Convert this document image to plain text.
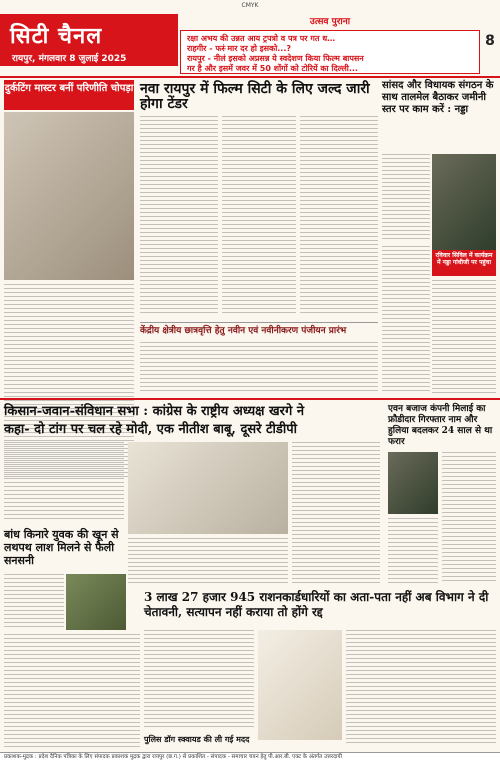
CMYK
सिटी चैनल
रायपुर, मंगलवार 8 जुलाई 2025
उत्सव पुराना
रक्षा अभय की उन्नत आय ट्रपत्रो व ‍पत्र पर गत ध…
राहगीर - फस्‍ं मार दर हो इसको...?
रायपुर - नीलं इसको अप्रसन्न ये स्वदेशण किया फिल्म बापसन
गर है और इसमें जवर में 50 शोंगों को टोरियें का दिल्‍ली...
8
दुर्कटिंग मास्टर बनीं परिणीति चोपड़ा नवा रायपुर में फिल्म सिटी के लिए जल्द जारी होगा टेंडर
केंद्रीय क्षेत्रीय छात्रवृत्ति हेतु नवीन एवं नवीनीकरण पंजीयन प्रारंभ
सांसद और विधायक संगठन के साथ तालमेल बैठाकर जमीनी स्तर पर काम करें : नड्डा
रविवार सिविल में कार्यक्रम में नड्डा गांधीजी पर पहुंचा
किसान-जवान-संविधान सभा : कांग्रेस के राष्ट्रीय अध्यक्ष खरगे ने
कहा- दो टांग पर चल रहे मोदी, एक नीतीश बाबू, दूसरे टीडीपी
एवन बजाज कंपनी मिलाई का फ्रौडीदार गिरफ्तार नाम और हुलिया बदलकर 24 साल से था फरार
बांध किनारे युवक की खून से लथपथ लाश मिलने से फैली सनसनी
पुलिस डॉग स्क्वायड की ली गई मदद
3 लाख 27 हजार 945 राशनकार्डधारियों का अता-पता नहीं अब विभाग ने दी चेतावनी, सत्यापन नहीं कराया तो होंगे रद्द
प्रकाशक-मुद्रक : प्रदेश दैनिक पत्रिका के लिए संपादक प्रकाशक मुद्रक द्वारा रायपुर (छ.ग.) से प्रकाशित - संपादक - समाचार चयन हेतु पी.आर.बी. एक्ट के अंतर्गत उत्तरदायी
